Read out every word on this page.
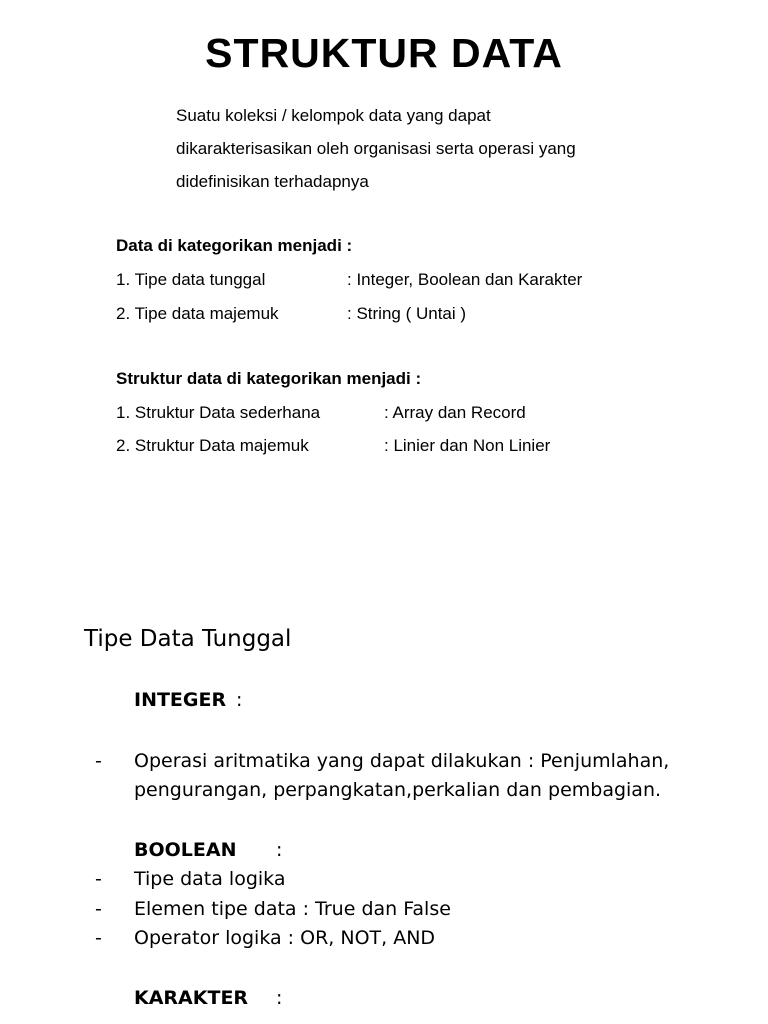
STRUKTUR DATA
Suatu koleksi / kelompok data yang dapat
dikarakterisasikan oleh organisasi serta operasi yang
didefinisikan terhadapnya
Data di kategorikan menjadi :
1. Tipe data tunggal	: Integer, Boolean dan Karakter
2. Tipe data majemuk	: String ( Untai )
Struktur data di kategorikan menjadi :
1. Struktur Data sederhana	: Array dan Record
2. Struktur Data majemuk	: Linier dan Non Linier
Tipe Data Tunggal
INTEGER :
- Operasi aritmatika yang dapat dilakukan : Penjumlahan,
pengurangan, perpangkatan,perkalian dan pembagian.
BOOLEAN :
- Tipe data logika
- Elemen tipe data : True dan False
- Operator logika : OR, NOT, AND
KARAKTER :
